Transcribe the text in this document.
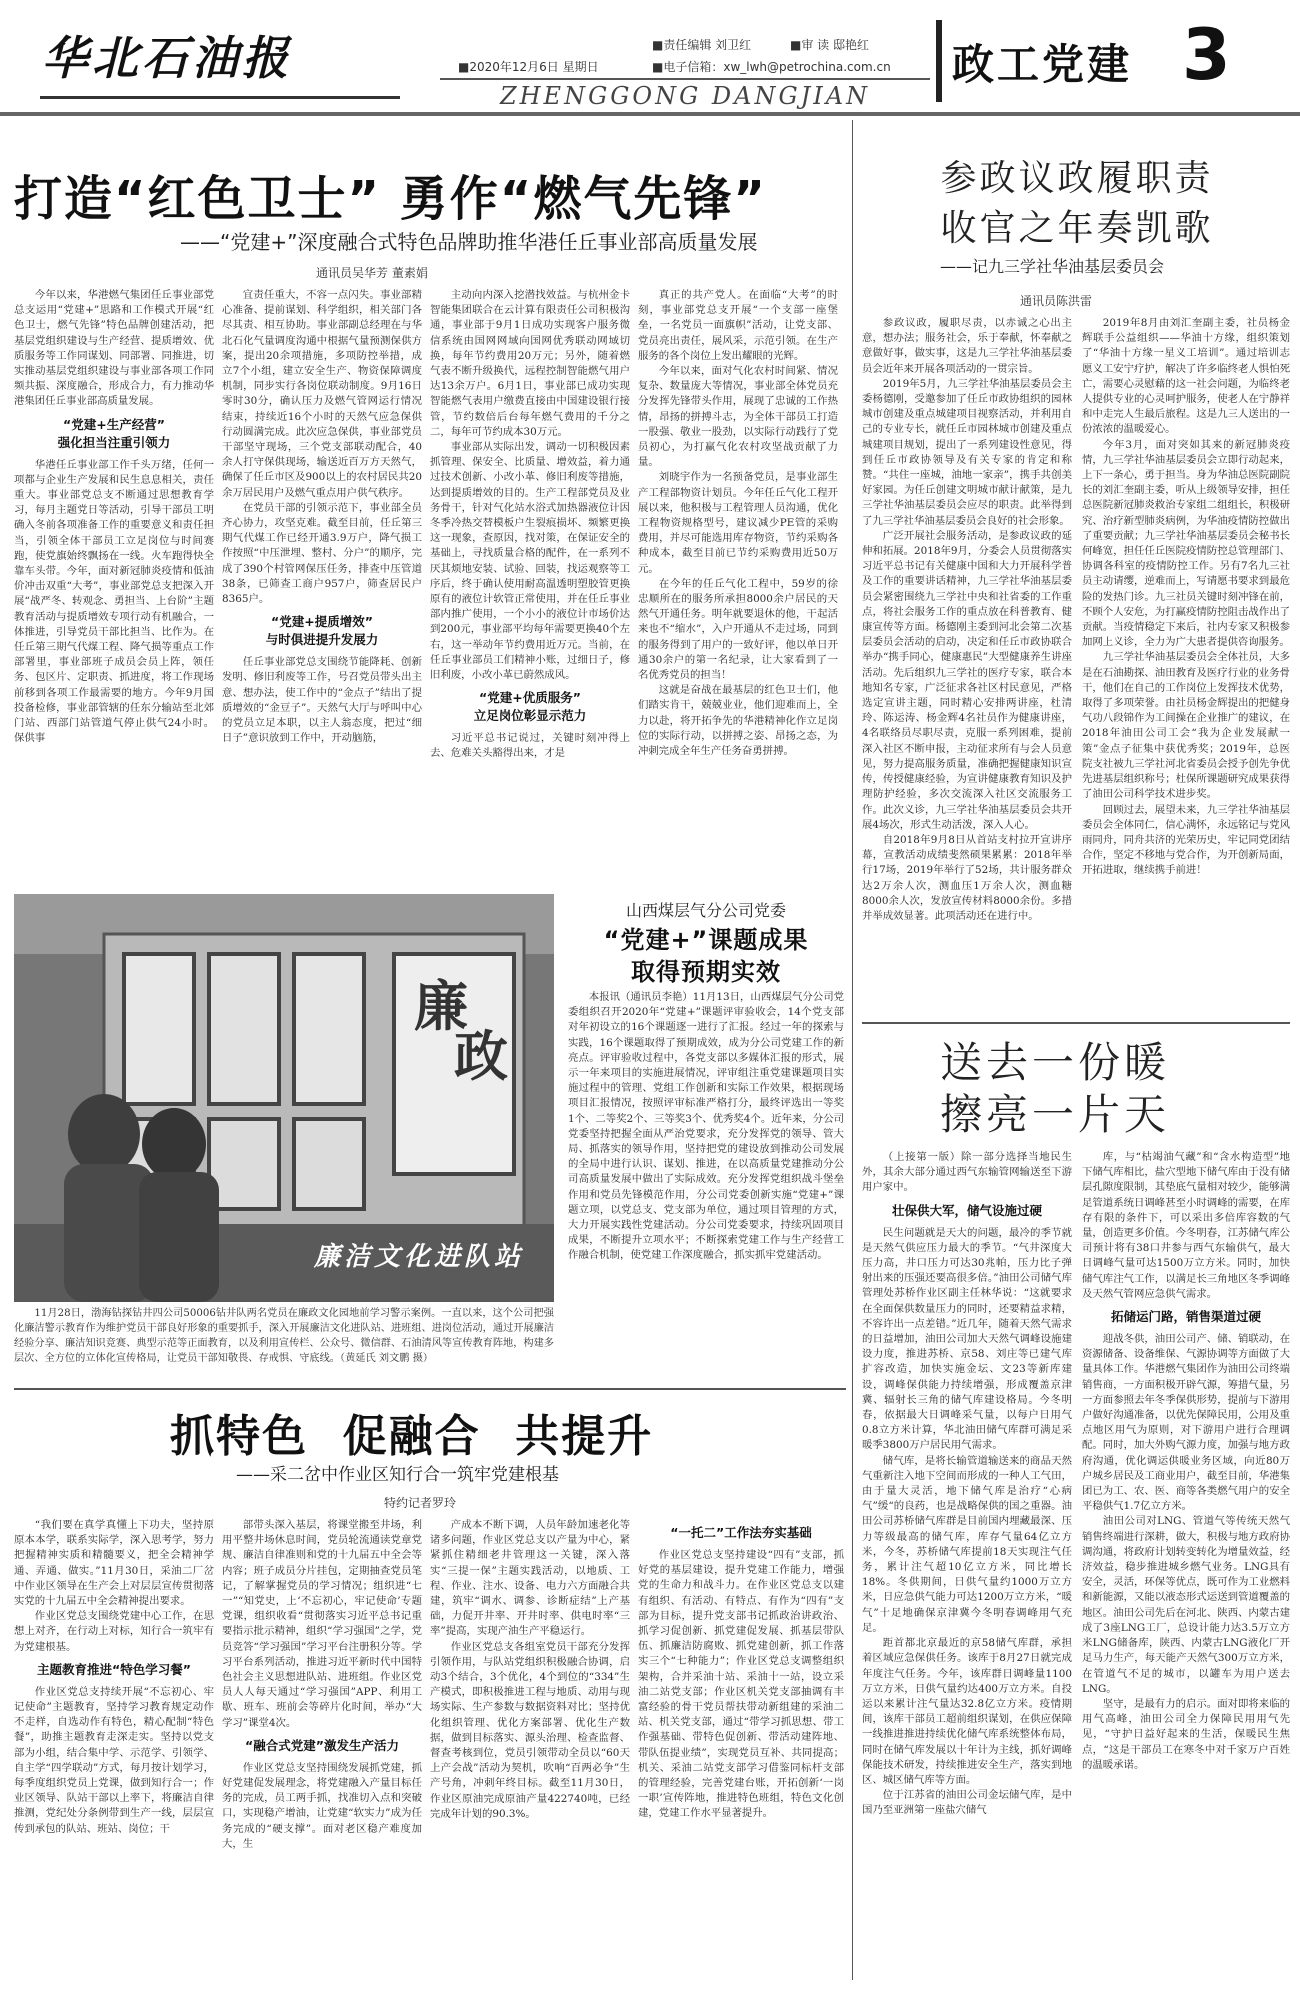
华北石油报	■责任编辑 刘卫红	■审 读 邸艳红
■2020年12月6日 星期日	■电子信箱：xw_lwh@petrochina.com.cn
ZHENGGONG DANGJIAN
政工党建 3
打造“红色卫士” 勇作“燃气先锋”
——“党建+”深度融合式特色品牌助推华港任丘事业部高质量发展
通讯员吴华芳 董素娟

今年以来，华港燃气集团任丘事业部党总支运用“党建+”思路和工作模式开展“红色卫士，燃气先锋”特色品牌创建活动，把基层党组织建设与生产经营、提质增效、优质服务等工作同谋划、同部署、同推进，切实推动基层党组织建设与事业部各项工作同频共振、深度融合，形成合力，有力推动华港集团任丘事业部高质量发展。

“党建+生产经营”
强化担当注重引领力

华港任丘事业部工作千头万绪，任何一项都与企业生产发展和民生息息相关，责任重大。事业部党总支不断通过思想教育学习，每月主题党日等活动，引导干部员工明确入冬前各项准备工作的重要意义和责任担当，引领全体干部员工立足岗位与时间赛跑，使党旗始终飘扬在一线。火车跑得快全靠车头带。今年，面对新冠肺炎疫情和低油价冲击双重“大考”，事业部党总支把深入开展“战严冬、转观念、勇担当、上台阶”主题教育活动与提质增效专项行动有机融合，一体推进，引导党员干部比担当、比作为。在任丘第三期气代煤工程、降气损等重点工作部署里，事业部班子成员会员上阵，领任务、包区片、定职责、抓进度，将工作现场前移到各项工作最需要的地方。今年9月国投备检修，事业部管辖的任东分输站至北郊门站、西部门站管道气停止供气24小时。保供事

宜责任重大，不容一点闪失。事业部精心准备、提前谋划、科学组织，相关部门各尽其责、相互协助。事业部副总经理在与华北石化气量调度沟通中根据气量预测保供方案，提出20余项措施，多项防控举措，成立7个小组，建立安全生产、物资保障调度机制，同步实行各岗位联动制度。9月16日零时30分，确认压力及燃气管网运行情况结束，持续近16个小时的天然气应急保供行动圆满完成。此次应急保供，事业部党员干部坚守现场，三个党支部联动配合，40余人打守保供现场，输送近百万方天然气，确保了任丘市区及900以上的农村居民共20余万居民用户及燃气重点用户供气秩序。

在党员干部的引领示范下，事业部全员齐心协力，攻坚克难。截至目前，任丘第三期气代煤工作已经开通3.9万户，降气损工作按照“中压泄埋、整村、分户”的顺序，完成了390个村管网保压任务，排查中压管道38条，已筛查工商户957户，筛查居民户8365户。

“党建+提质增效”
与时俱进提升发展力

任丘事业部党总支围绕节能降耗、创新发明、修旧利废等工作，号召党员带头出主意、想办法，使工作中的“金点子”结出了提质增效的“金豆子”。天然气大厅与呼叫中心的党员立足本职，以主人翁态度，把过“细日子”意识放到工作中，开动脑筋，

主动向内深入挖潜找效益。与杭州金卡智能集团联合在云计算有限责任公司积极沟通，事业部于9月1日成功实现客户服务微信系统由国网网域向国网优秀联动网域切换，每年节约费用20万元；另外，随着燃气表不断升级换代，远程控制智能燃气用户达13余万户。6月1日，事业部已成功实现智能燃气表用户缴费直接由中国建设银行接管，节约数倍后台每年燃气费用的千分之二，每年可节约成本30万元。

事业部从实际出发，调动一切积极因素抓管理、保安全、比质量、增效益，着力通过技术创新、小改小革、修旧利废等措施，达到提质增效的目的。生产工程部党员及业务骨干，针对气化站水浴式加热器液位计因冬季冷热交替模板户生裂痕损坏、频繁更换这一现象，查原因，找对策，在保证安全的基础上，寻找质量合格的配件，在一系列不厌其烦地安装、试验、回装，找运观察等工序后，终于确认使用耐高温透明塑胶管更换原有的液位计软管正常使用，并在任丘事业部内推广使用，一个小小的液位计市场价达到200元，事业部平均每年需要更换40个左右，这一举动年节约费用近万元。当前，在任丘事业部员工们精神小账，过细日子，修旧利废，小改小革已蔚然成风。

“党建+优质服务”
立足岗位彰显示范力

习近平总书记说过，关键时刻冲得上去、危难关头豁得出来，才是

真正的共产党人。在面临“大考”的时刻，事业部党总支开展“一个支部一座堡垒，一名党员一面旗帜”活动，让党支部、党员亮出责任，展风采，示范引领。在生产服务的各个岗位上发出耀眼的光辉。

今年以来，面对气化农村时间紧、情况复杂、数量庞大等情况，事业部全体党员充分发挥先锋带头作用，展现了忠诚的工作热情，昂扬的拼搏斗志，为全体干部员工打造一股强、敬业一股劲，以实际行动践行了党员初心，为打赢气化农村攻坚战贡献了力量。

刘晓宇作为一名预备党员，是事业部生产工程部物资计划员。今年任丘气化工程开展以来，他积极与工程管理人员沟通，优化工程物资规格型号，建议减少PE管的采购费用，并尽可能选用库存物资，节约采购各种成本，截至目前已节约采购费用近50万元。

在今年的任丘气化工程中，59岁的徐忠顺所在的服务所承担8000余户居民的天然气开通任务。明年就要退休的他，干起活来也不“缩水”，入户开通从不走过场，同到的服务得到了用户的一致好评，他以单日开通30余户的第一名纪录，让大家看到了一名优秀党员的担当！

这就是奋战在最基层的红色卫士们，他们踏实肯干，兢兢业业，他们迎难而上，全力以赴，将开拓争先的华港精神化作立足岗位的实际行动，以拼搏之姿、昂扬之态，为冲刺完成全年生产任务奋勇拼搏。

廉
政
廉洁文化进队站
11月28日，渤海钻探钻井四公司50006钻井队两名党员在廉政文化园地前学习警示案例。一直以来，这个公司把强化廉洁警示教育作为维护党员干部良好形象的重要抓手，深入开展廉洁文化进队站、进班组、进岗位活动，通过开展廉洁经验分享、廉洁知识竞赛、典型示范等正面教育，以及利用宣传栏、公众号、微信群、石油清风等宣传教育阵地，构建多层次、全方位的立体化宣传格局，让党员干部知敬畏、存戒惧、守底线。（黄延氏 刘文鹏 摄）
山西煤层气分公司党委
“党建+”课题成果
取得预期实效

本报讯（通讯员李艳）11月13日，山西煤层气分公司党委组织召开2020年“党建+”课题评审验收会，14个党支部对年初设立的16个课题逐一进行了汇报。经过一年的探索与实践，16个课题取得了预期成效，成为分公司党建工作的新亮点。评审验收过程中，各党支部以多媒体汇报的形式，展示一年来项目的实施进展情况，评审组注重党建课题项目实施过程中的管理、党组工作创新和实际工作效果，根据现场项目汇报情况，按照评审标准严格打分，最终评选出一等奖1个、二等奖2个、三等奖3个、优秀奖4个。近年来，分公司党委坚持把握全面从严治党要求，充分发挥党的领导、管大局、抓落实的领导作用，坚持把党的建设放到推动公司发展的全局中进行认识、谋划、推进，在以高质量党建推动分公司高质量发展中做出了实际成效。充分发挥党组织战斗堡垒作用和党员先锋模范作用，分公司党委创新实施“党建+”课题立项，以党总支、党支部为单位，通过项目管理的方式，大力开展实践性党建活动。分公司党委要求，持续巩固项目成果，不断提升立项水平；不断探索党建工作与生产经营工作融合机制，使党建工作深度融合，抓实抓牢党建活动。

抓特色  促融合  共提升
——采二岔中作业区知行合一筑牢党建根基
特约记者罗玲

“我们要在真学真懂上下功夫，坚持原原本本学，联系实际学，深入思考学，努力把握精神实质和精髓要义，把全会精神学通、弄通、做实。”11月30日，采油二厂岔中作业区领导在生产会上对层层宣传贯彻落实党的十九届五中全会精神提出要求。

作业区党总支围绕党建中心工作，在思想上对齐，在行动上对标，知行合一筑牢有为党建根基。

主题教育推进“特色学习餐”

作业区党总支持续开展“不忘初心、牢记使命”主题教育，坚持学习教育规定动作不走样，自选动作有特色，精心配制“特色餐”，助推主题教育走深走实。坚持以党支部为小组，结合集中学、示范学、引领学、自主学“四学联动”方式，每月按计划学习，每季度组织党员上党课，做到知行合一；作业区领导、队站干部以上率下，将廉洁自律推测，党纪处分条例带到生产一线，层层宣传到承包的队站、班站、岗位；干

部带头深入基层，将课堂搬至井场，利用平整井场休息时间，党员轮流通读党章党规、廉洁自律准则和党的十九届五中全会等内容；班子成员分片挂包，定期抽查党员笔记，了解掌握党员的学习情况；组织进“七一”“知党史，上‘不忘初心，牢记使命’专题党课，组织收看“贯彻落实习近平总书记重要指示批示精神，组织“学习强国”之学，党员竞答“学习强国”学习平台注册积分等。学习平台系列活动，推进习近平新时代中国特色社会主义思想进队站、进班组。作业区党员人人每天通过“学习强国”APP、利用工歇、班车、班前会等碎片化时间，举办“大学习”课堂4次。

“融合式党建”激发生产活力

作业区党总支坚持围绕发展抓党建，抓好党建促发展理念，将党建融入产量目标任务的完成，员工两手抓，找准切入点和突破口，实现稳产增油，让党建“软实力”成为任务完成的“硬支撑”。面对老区稳产难度加大，生

产成本不断下调，人员年龄加速老化等诸多问题，作业区党总支以产量为中心，紧紧抓住精细老井管理这一关键，深入落实“三提一保”主题实践活动，以地质、工程、作业、注水、设备、电力六方面融合共建，筑牢“调水、调参、诊断症结”上产基础，力促开井率、开井时率、供电时率“三率”提高，实现产油生产平稳运行。

作业区党总支各组室党员干部充分发挥引领作用，与队站党组织积极融合协调，启动3个结合，3个优化，4个到位的“334”生产模式，即积极推进工程与地质、动用与现场实际、生产参数与数据资料对比；坚持优化组织管理、优化方案部署、优化生产数据，做到目标落实、源头治理、检查监督、督查考核到位，党员引领带动全员以“60天上产会战”活动为契机，吹响“百两必争”生产号角，冲刺年终目标。截至11月30日，作业区原油完成原油产量422740吨，已经完成年计划的90.3%。

“一托二”工作法夯实基础

作业区党总支坚持建设“四有”支部，抓好党的基层建设，提升党建工作能力，增强党的生命力和战斗力。在作业区党总支以建有组织、有活动、有特点、有作为“四有”支部为目标，提升党支部书记抓政治讲政治、抓学习促创新、抓党建促发展、抓基层带队伍、抓廉洁防腐败、抓党建创新，抓工作落实三个“七种能力”；作业区党总支调整组织架构，合并采油十站、采油十一站，设立采油二站党支部；作业区机关党支部抽调有丰富经验的骨干党员帮扶带动新组建的采油二站、机关党支部，通过“带学习抓思想、带工作强基础、带特色促创新、带活动建阵地、带队伍提业绩”，实现党员互补、共同提高；机关、采油二站党支部学习借鉴同标杆支部的管理经验，完善党建台账，开拓创新‘一岗一职’宣传阵地，推进特色班组，特色文化创建，党建工作水平显著提升。

参政议政履职责
收官之年奏凯歌
——记九三学社华油基层委员会
通讯员陈洪雷

参政议政，履职尽责，以赤诚之心出主意，想办法；服务社会，乐于奉献，怀奉献之意做好事，做实事，这是九三学社华油基层委员会近年来开展各项活动的一贯宗旨。

2019年5月，九三学社华油基层委员会主委杨德刚，受邀参加了任丘市政协组织的园林城市创建及重点城建项目视察活动，并利用自己的专业专长，就任丘市园林城市创建及重点城建项目规划，提出了一系列建设性意见，得到任丘市政协领导及有关专家的肯定和称赞。“共住一座城，油地一家亲”，携手共创美好家园。为任丘创建文明城市献计献策，是九三学社华油基层委员会应尽的职责。此举得到了九三学社华油基层委员会良好的社会形象。

广泛开展社会服务活动，是参政议政的延伸和拓展。2018年9月，分委会人员贯彻落实习近平总书记有关健康中国和大力开展科学普及工作的重要讲话精神，九三学社华油基层委员会紧密围绕九三学社中央和社省委的工作重点，将社会服务工作的重点放在科普教育、健康宣传等方面。杨德刚主委到河北会第二次基层委员会活动的启动，决定和任丘市政协联合举办“携手同心，健康惠民”大型健康养生讲座活动。先后组织九三学社的医疗专家，联合本地知名专家，广泛征求各社区村民意见，严格选定宣讲主题，同时精心安排两讲座，杜清玲、陈运涛、杨金辉4名社员作为健康讲座，4名联络员尽职尽责，克服一系列困难，提前深入社区不断申报，主动征求所有与会人员意见，努力提高服务质量，准确把握健康知识宣传，传授健康经验，为宣讲健康教育知识及护理防护经验，多次交流深入社区交流服务工作。此次义诊，九三学社华油基层委员会共开展4场次，形式生动活泼，深入人心。

自2018年9月8日从首站支村拉开宣讲序幕，宣教活动成绩斐然硕果累累：2018年举行17场，2019年举行了52场，共计服务群众达2万余人次，测血压1万余人次，测血糖8000余人次，发放宣传材料8000余份。多措并举成效显著。此项活动还在进行中。

2019年8月由刘汇奎副主委，社员杨金辉联手公益组织——华油十方缘，组织策划了“华油十方缘一星义工培训”。通过培训志愿义工安宁疗护，解决了许多临终老人惧怕死亡，需要心灵慰藉的这一社会问题，为临终老人提供专业的心灵呵护服务，使老人在宁静祥和中走完人生最后旅程。这是九三人送出的一份浓浓的温暖爱心。

今年3月，面对突如其来的新冠肺炎疫情，九三学社华油基层委员会立即行动起来，上下一条心，勇于担当。身为华油总医院副院长的刘汇奎副主委，听从上级领导安排，担任总医院新冠肺炎救治专家组二组组长，积极研究、治疗新型肺炎病例，为华油疫情防控做出了重要贡献；九三学社华油基层委员会秘书长何峰宽，担任任丘医院疫情防控总管理部门、协调各科室的疫情防控工作。另有7名九三社员主动请缨，逆难而上，写请愿书要求到最危险的发热门诊。九三社员关键时刻冲锋在前，不顾个人安危，为打赢疫情防控阻击战作出了贡献。当疫情稳定下来后，社内专家又积极参加网上义诊，全力为广大患者提供咨询服务。

九三学社华油基层委员会全体社员，大多是在石油勘探、油田教育及医疗行业的业务骨干，他们在自己的工作岗位上发挥技术优势，取得了多项荣誉。由社员杨金辉提出的把健身气功八段锦作为工间操在企业推广的建议，在2018年油田公司工会“我为企业发展献一策”金点子征集中获优秀奖；2019年，总医院支社被九三学社河北省委员会授予创先争优先进基层组织称号；杜保所课题研究成果获得了油田公司科学技术进步奖。

回顾过去，展望未来，九三学社华油基层委员会全体同仁，信心满怀，永远铭记与党风雨同舟，同舟共济的光荣历史，牢记同党团结合作，坚定不移地与党合作，为开创新局面，开拓进取，继续携手前进！

送去一份暖
擦亮一片天

（上接第一版）除一部分选择当地民生外，其余大部分通过西气东输管网输送至下游用户家中。

壮保供大军，储气设施过硬

民生问题就是天大的问题，最冷的季节就是天然气供应压力最大的季节。“气井深度大压力高，井口压力可达30兆帕，压力比子弹射出来的压强还要高很多倍。”油田公司储气库管理处苏桥作业区副主任林华说：“这就要求在全面保供数量压力的同时，还要精益求精，不容许出一点差错。”近几年，随着天然气需求的日益增加，油田公司加大天然气调峰设施建设力度，推进苏桥、京58、刘庄等已建气库扩容改造，加快实施金坛、文23等新库建设，调峰保供能力持续增强，形成覆盖京津冀、辐射长三角的储气库建设格局。今冬明春，依据最大日调峰采气量，以每户日用气0.8立方米计算，华北油田储气库群可满足采暖季3800万户居民用气需求。

储气库，是将长输管道输送来的商品天然气重新注入地下空间而形成的一种人工气田，由于量大灵活，地下储气库是治疗“心病气”缓“的良药，也是战略保供的国之重器。油田公司苏桥储气库群是目前国内埋藏最深、压力等级最高的储气库，库存气量64亿立方米，今冬，苏桥储气库提前18天实现注气任务，累计注气超10亿立方米，同比增长18%。冬供期间，日供气量约1000万立方米，日应急供气能力可达1200万立方米，“暖气”十足地确保京津冀今冬明春调峰用气充足。

距首都北京最近的京58储气库群，承担着区域应急保供任务。该库于8月27日就完成年度注气任务。今年，该库群日调峰量1100万立方米，日供气量约达400万立方米。自投运以来累计注气量达32.8亿立方米。疫情期间，该库干部员工超前组织谋划，在供应保障一线推进推进持续优化储气库系统整体布局，同时在储气库发展以十年计为主线，抓好调峰保能技术研发，持续推进安全生产，落实到地区、城区储气库等方面。

位于江苏省的油田公司金坛储气库，是中国乃至亚洲第一座盐穴储气

库，与“枯竭油气藏”和“含水构造型”地下储气库相比，盐穴型地下储气库由于没有储层孔隙度限制，其垫底气量相对较少，能够满足管道系统日调峰甚至小时调峰的需要，在库存有限的条件下，可以采出多倍库容数的气量，创造更多价值。今冬明春，江苏储气库公司预计将有38口井参与西气东输供气，最大日调峰气量可达1500万立方米。同时，加快储气库注气工作，以满足长三角地区冬季调峰及天然气管网应急供气需求。

拓储运门路，销售渠道过硬

迎战冬供，油田公司产、储、销联动，在资源储备、设备维保、气源协调等方面做了大量具体工作。华港燃气集团作为油田公司终端销售商，一方面积极开辟气源，筹措气量，另一方面参照去年冬季保供形势，提前与下游用户做好沟通准备，以优先保障民用，公用及重点地区用气为原则，对下游用户进行合理调配。同时，加大外购气源力度，加强与地方政府沟通，优化调运供暖业务区域，向近80万户城乡居民及工商业用户，截至目前，华港集团已为工、农、医、商等各类燃气用户的安全平稳供气1.7亿立方米。

油田公司对LNG、管道气等传统天然气销售终端进行深耕，做大，积极与地方政府协调沟通，将政府计划转变转化为增量效益，经济效益，稳步推进城乡燃气业务。LNG具有安全，灵活，环保等优点，既可作为工业燃料和新能源，又能以液态形式运送到管道覆盖的地区。油田公司先后在河北、陕西、内蒙古建成了3座LNG工厂，总设计能力达3.5万立方米LNG储备库，陕西、内蒙古LNG液化厂开足马力生产，每天能产天然气300万立方米，在管道气不足的城市，以罐车为用户送去LNG。

坚守，是最有力的启示。面对即将来临的用气高峰，油田公司全力保障民用用气先见，“守护日益好起来的生活，保暖民生焦点，“这是干部员工在寒冬中对千家万户百姓的温暖承诺。
